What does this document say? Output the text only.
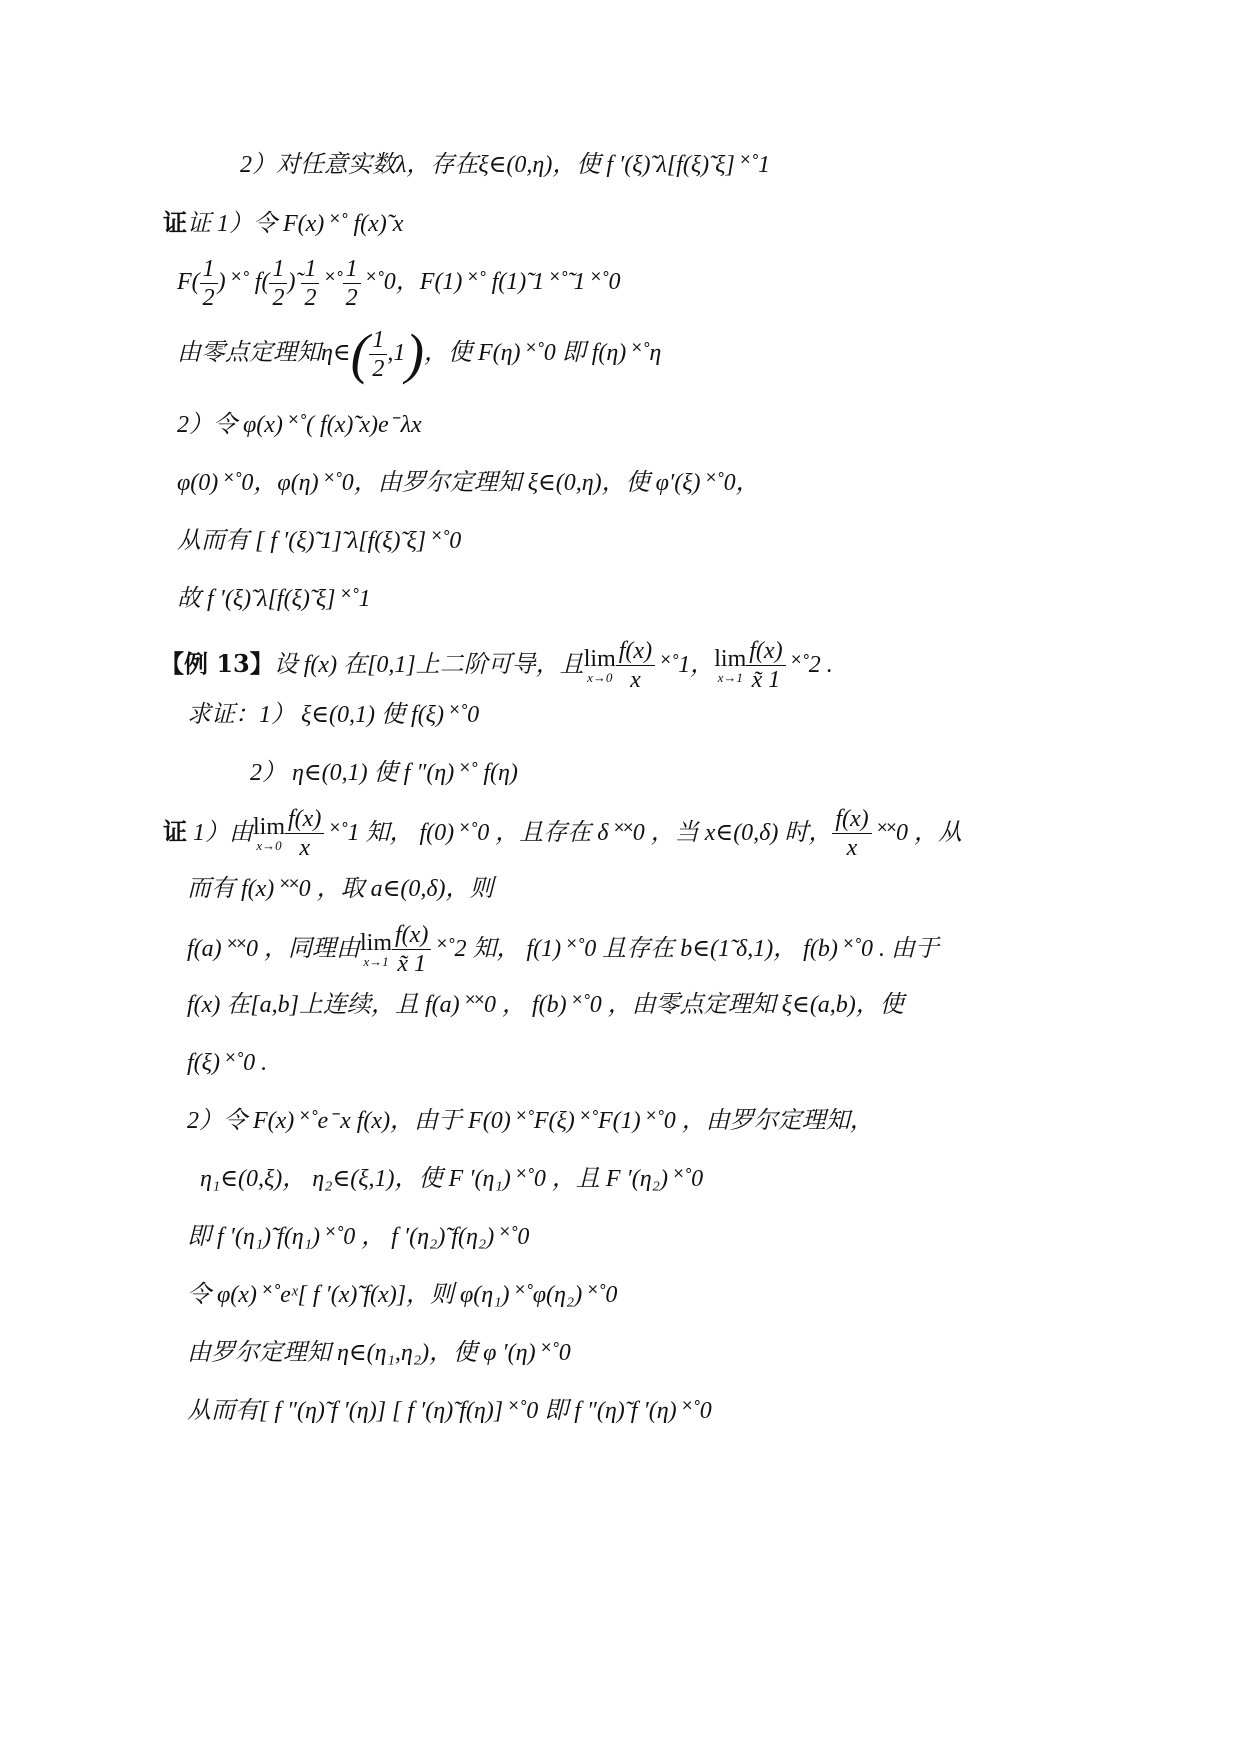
2）对任意实数λ，存在ξ∈(0,η)，使 f ′(ξ)̃ λ[f(ξ)̃ ξ] ˟˚1
证证 1）令 F(x) ˟˚ f(x)̃ x
$F( \frac{1}{2}$ ) ˟˚ $f( \frac{1}{2}$ )̃ $\frac{1}{2}$ ˟˚ $\frac{1}{2}$ ˟˚0，F(1) ˟˚ f(1)̃ 1 ˟˚̃ 1 ˟˚0
由零点定理知η∈( $\frac{1}{2} ,1$)，使 F(η) ˟˚0 即 f(η) ˟˚η
2）令 φ(x) ˟˚( f(x)̃ x)e ̄ λx
φ(0) ˟˚0，φ(η) ˟˚0，由罗尔定理知 ξ∈(0,η)，使 φ′(ξ) ˟˚0，
从而有 [ f ′(ξ)̃ 1]̃ λ[f(ξ)̃ ξ] ˟˚0
故 f ′(ξ)̃ λ[f(ξ)̃ ξ] ˟˚1
【例 13】设 f(x) 在[0,1]上二阶可导，且 lim
$x\to 0 \frac{f(x)}{x}$ ˟˚1， lim
$x\to 1 \frac{f(x)}{x̃ 1}$ ˟˚2 .
求证：1） ξ∈(0,1) 使 f(ξ) ˟˚0
2） η∈(0,1) 使 f ″(η) ˟˚ f(η)
证 1）由 lim
$x\to 0 \frac{f(x)}{x}$ ˟˚1 知， f(0) ˟˚0 ，且存在 δ ˟˟0 ，当 x∈(0,δ) 时， $\frac{f(x)}{x}$ ˟˟0 ，从
而有 f(x) ˟˟0 ，取 a∈(0,δ)，则
f(a) ˟˟0 ，同理由 lim
$x\to 1 \frac{f(x)}{x̃ 1}$ ˟˚2 知， f(1) ˟˚0 且存在 b∈(1̃ δ,1)， f(b) ˟˚0 . 由于
f(x) 在[a,b]上连续，且 f(a) ˟˟0 ， f(b) ˟˚0 ，由零点定理知 ξ∈(a,b)，使
f(ξ) ˟˚0 .
2）令 F(x) ˟˚e ̄ x f(x)，由于 F(0) ˟˚F(ξ) ˟˚F(1) ˟˚0 ，由罗尔定理知，
η₁∈(0,ξ)， η₂∈(ξ,1)，使 F ′(η₁) ˟˚0 ，且 F ′(η₂) ˟˚0
即 f ′(η₁)̃ f(η₁) ˟˚0 ， f ′(η₂)̃ f(η₂) ˟˚0
令 φ(x) ˟˚eˣ[ f ′(x)̃ f(x)]，则 φ(η₁) ˟˚φ(η₂) ˟˚0
由罗尔定理知 η∈(η₁,η₂)，使 φ ′(η) ˟˚0
从而有[ f ″(η)̃ f ′(η)] [ f ′(η)̃ f(η)] ˟˚0 即 f ″(η)̃ f ′(η) ˟˚0
